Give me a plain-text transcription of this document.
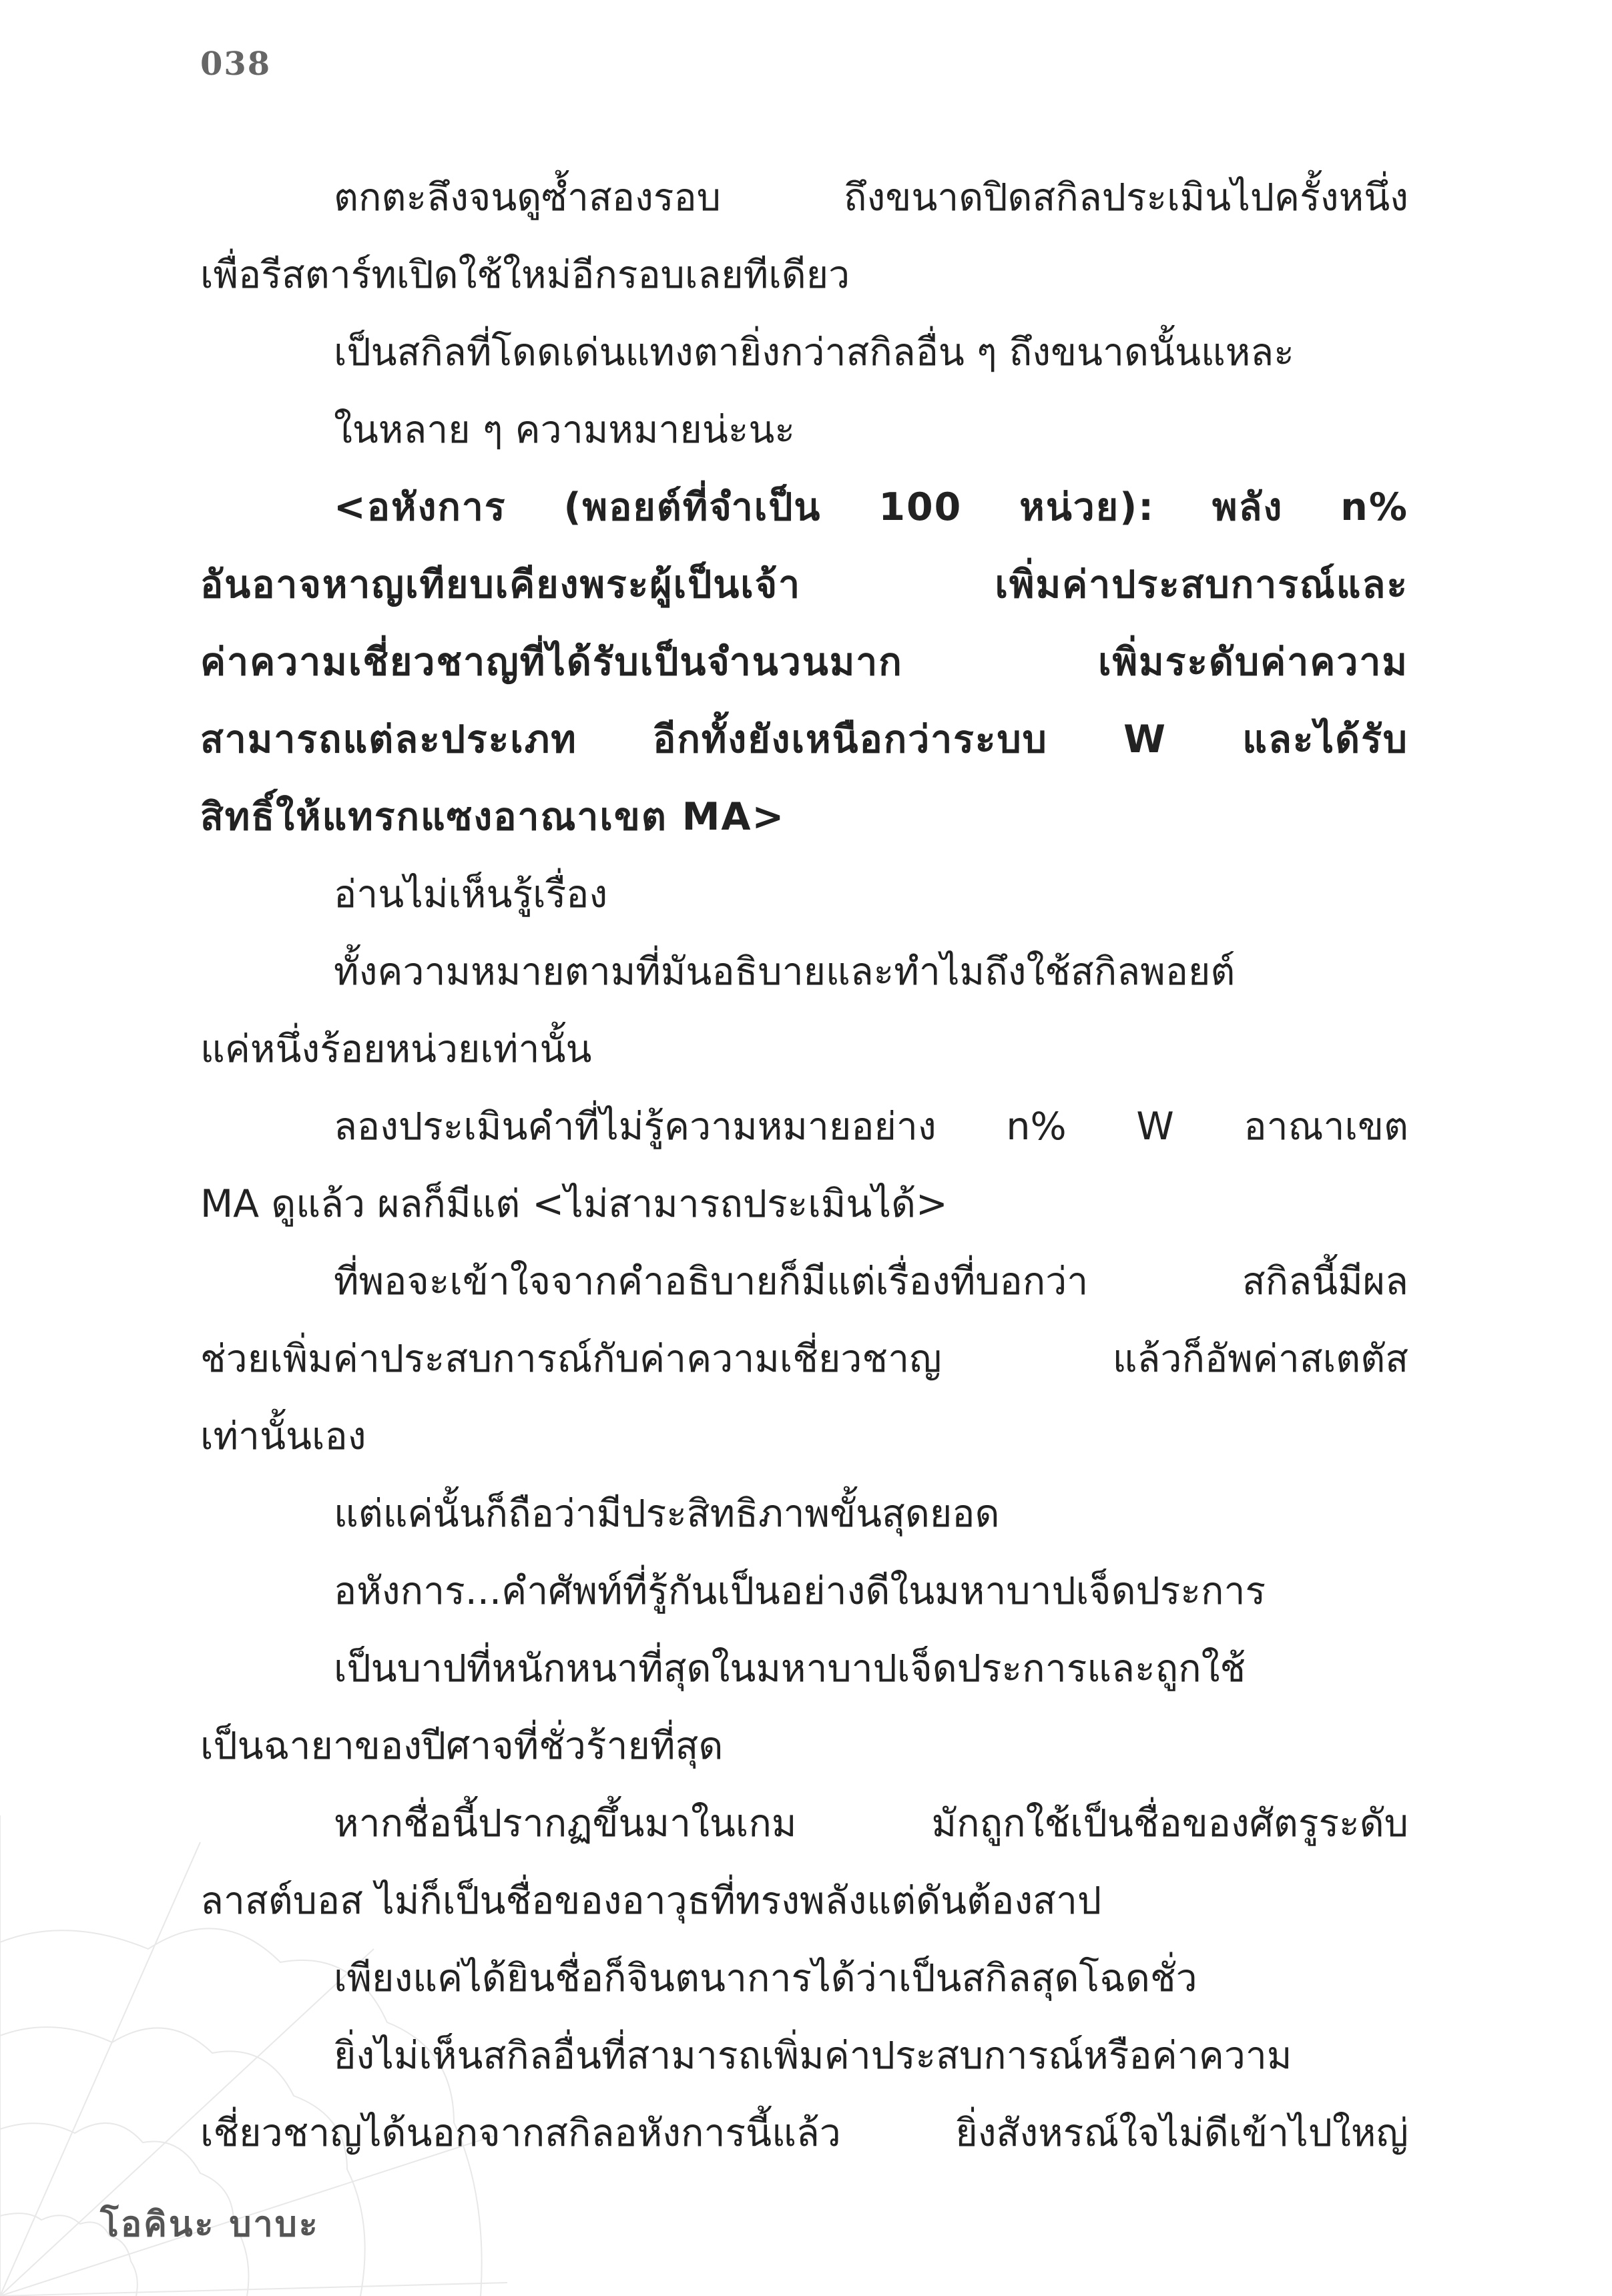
038
ตกตะลึงจนดูซ้ำสองรอบ ถึงขนาดปิดสกิลประเมินไปครั้งหนึ่ง
เพื่อรีสตาร์ทเปิดใช้ใหม่อีกรอบเลยทีเดียว
เป็นสกิลที่โดดเด่นแทงตายิ่งกว่าสกิลอื่น ๆ ถึงขนาดนั้นแหละ
ในหลาย ๆ ความหมายน่ะนะ
<อหังการ (พอยต์ที่จำเป็น 100 หน่วย): พลัง n%
อันอาจหาญเทียบเคียงพระผู้เป็นเจ้า เพิ่มค่าประสบการณ์และ
ค่าความเชี่ยวชาญที่ได้รับเป็นจำนวนมาก เพิ่มระดับค่าความ
สามารถแต่ละประเภท อีกทั้งยังเหนือกว่าระบบ W และได้รับ
สิทธิ์ให้แทรกแซงอาณาเขต MA>
อ่านไม่เห็นรู้เรื่อง
ทั้งความหมายตามที่มันอธิบายและทำไมถึงใช้สกิลพอยต์
แค่หนึ่งร้อยหน่วยเท่านั้น
ลองประเมินคำที่ไม่รู้ความหมายอย่าง n% W อาณาเขต
MA ดูแล้ว ผลก็มีแต่ <ไม่สามารถประเมินได้>
ที่พอจะเข้าใจจากคำอธิบายก็มีแต่เรื่องที่บอกว่า สกิลนี้มีผล
ช่วยเพิ่มค่าประสบการณ์กับค่าความเชี่ยวชาญ แล้วก็อัพค่าสเตตัส
เท่านั้นเอง
แต่แค่นั้นก็ถือว่ามีประสิทธิภาพขั้นสุดยอด
อหังการ...คำศัพท์ที่รู้กันเป็นอย่างดีในมหาบาปเจ็ดประการ
เป็นบาปที่หนักหนาที่สุดในมหาบาปเจ็ดประการและถูกใช้
เป็นฉายาของปีศาจที่ชั่วร้ายที่สุด
หากชื่อนี้ปรากฏขึ้นมาในเกม มักถูกใช้เป็นชื่อของศัตรูระดับ
ลาสต์บอส ไม่ก็เป็นชื่อของอาวุธที่ทรงพลังแต่ดันต้องสาป
เพียงแค่ได้ยินชื่อก็จินตนาการได้ว่าเป็นสกิลสุดโฉดชั่ว
ยิ่งไม่เห็นสกิลอื่นที่สามารถเพิ่มค่าประสบการณ์หรือค่าความ
เชี่ยวชาญได้นอกจากสกิลอหังการนี้แล้ว ยิ่งสังหรณ์ใจไม่ดีเข้าไปใหญ่
โอคินะ บาบะ
